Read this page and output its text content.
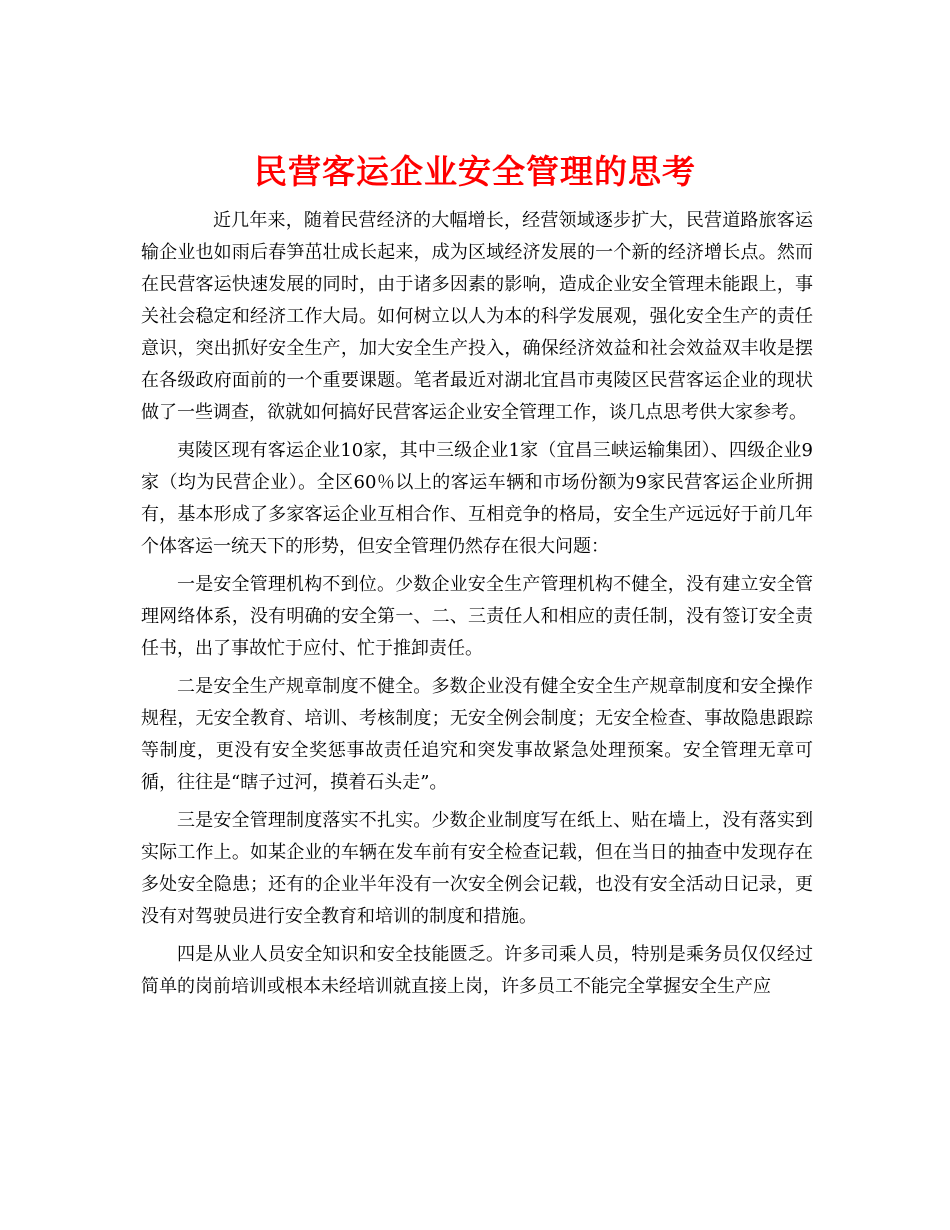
民营客运企业安全管理的思考

近几年来，随着民营经济的大幅增长，经营领域逐步扩大，民营道路旅客运输企业也如雨后春笋茁壮成长起来，成为区域经济发展的一个新的经济增长点。然而在民营客运快速发展的同时，由于诸多因素的影响，造成企业安全管理未能跟上，事关社会稳定和经济工作大局。如何树立以人为本的科学发展观，强化安全生产的责任意识，突出抓好安全生产，加大安全生产投入，确保经济效益和社会效益双丰收是摆在各级政府面前的一个重要课题。笔者最近对湖北宜昌市夷陵区民营客运企业的现状做了一些调查，欲就如何搞好民营客运企业安全管理工作，谈几点思考供大家参考。

夷陵区现有客运企业10家，其中三级企业1家（宜昌三峡运输集团）、四级企业9家（均为民营企业）。全区60％以上的客运车辆和市场份额为9家民营客运企业所拥有，基本形成了多家客运企业互相合作、互相竞争的格局，安全生产远远好于前几年个体客运一统天下的形势，但安全管理仍然存在很大问题：

一是安全管理机构不到位。少数企业安全生产管理机构不健全，没有建立安全管理网络体系，没有明确的安全第一、二、三责任人和相应的责任制，没有签订安全责任书，出了事故忙于应付、忙于推卸责任。

二是安全生产规章制度不健全。多数企业没有健全安全生产规章制度和安全操作规程，无安全教育、培训、考核制度；无安全例会制度；无安全检查、事故隐患跟踪等制度，更没有安全奖惩事故责任追究和突发事故紧急处理预案。安全管理无章可循，往往是“瞎子过河，摸着石头走”。

三是安全管理制度落实不扎实。少数企业制度写在纸上、贴在墙上，没有落实到实际工作上。如某企业的车辆在发车前有安全检查记载，但在当日的抽查中发现存在多处安全隐患；还有的企业半年没有一次安全例会记载，也没有安全活动日记录，更没有对驾驶员进行安全教育和培训的制度和措施。

四是从业人员安全知识和安全技能匮乏。许多司乘人员，特别是乘务员仅仅经过简单的岗前培训或根本未经培训就直接上岗，许多员工不能完全掌握安全生产应
